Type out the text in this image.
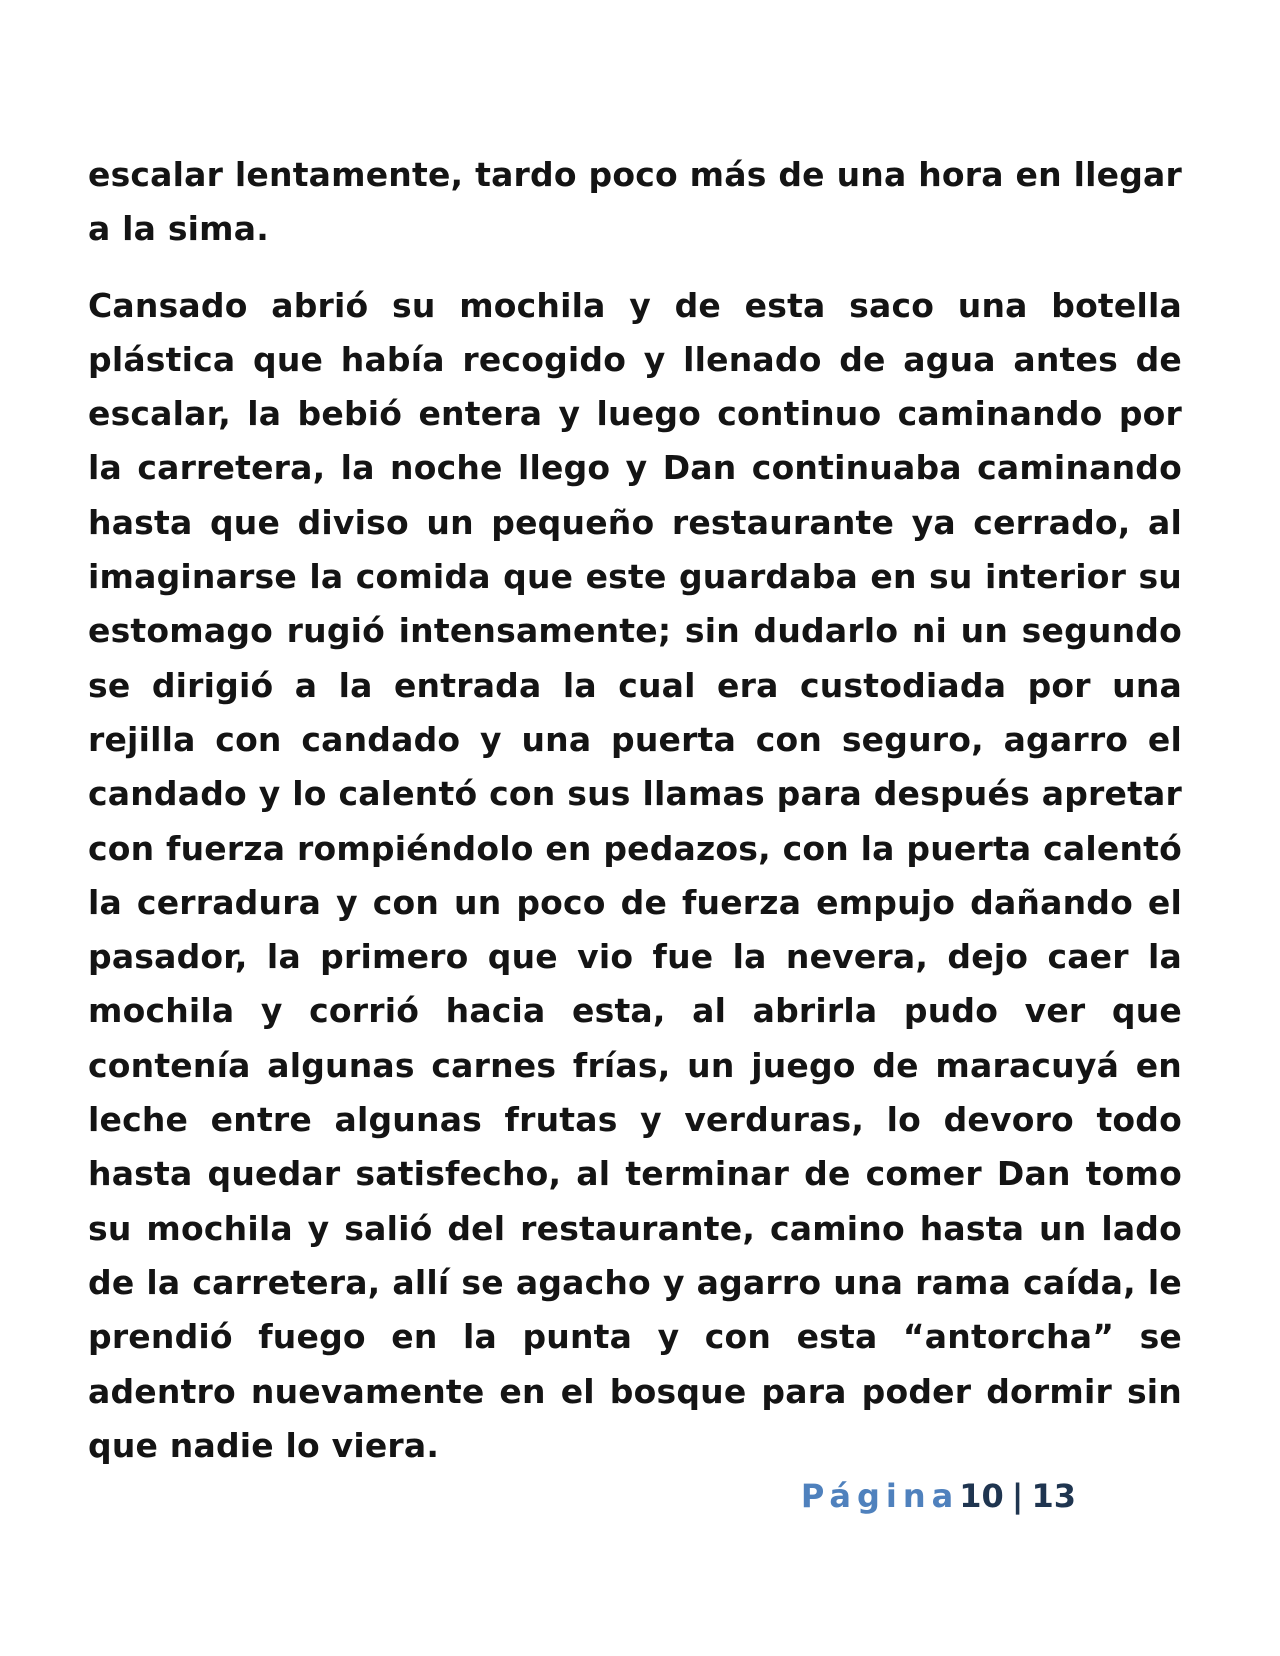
escalar lentamente, tardo poco más de una hora en llegar a la sima.

Cansado abrió su mochila y de esta saco una botella plástica que había recogido y llenado de agua antes de escalar, la bebió entera y luego continuo caminando por la carretera, la noche llego y Dan continuaba caminando hasta que diviso un pequeño restaurante ya cerrado, al imaginarse la comida que este guardaba en su interior su estomago rugió intensamente; sin dudarlo ni un segundo se dirigió a la entrada la cual era custodiada por una rejilla con candado y una puerta con seguro, agarro el candado y lo calentó con sus llamas para después apretar con fuerza rompiéndolo en pedazos, con la puerta calentó la cerradura y con un poco de fuerza empujo dañando el pasador, la primero que vio fue la nevera, dejo caer la mochila y corrió hacia esta, al abrirla pudo ver que contenía algunas carnes frías, un juego de maracuyá en leche entre algunas frutas y verduras, lo devoro todo hasta quedar satisfecho, al terminar de comer Dan tomo su mochila y salió del restaurante, camino hasta un lado de la carretera, allí se agacho y agarro una rama caída, le prendió fuego en la punta y con esta “antorcha” se adentro nuevamente en el bosque para poder dormir sin que nadie lo viera.

Página10 | 13
